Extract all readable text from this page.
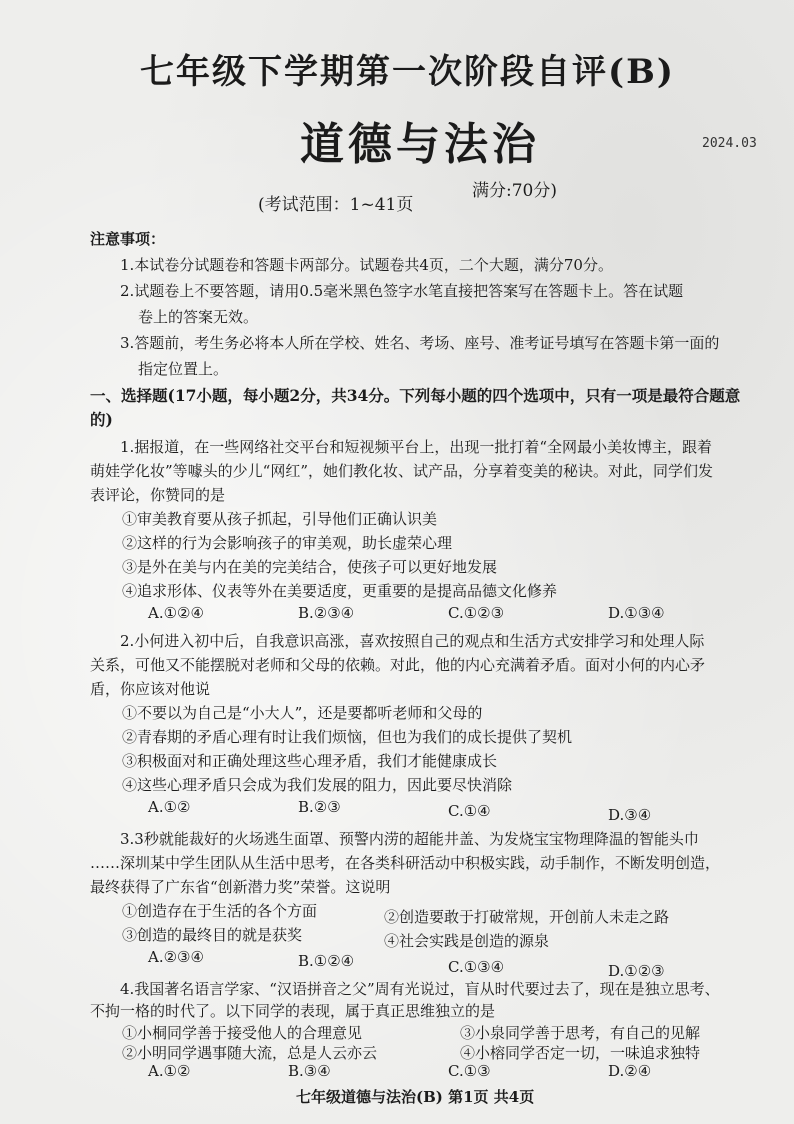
七年级下学期第一次阶段自评(B)
道德与法治	2024.03
(考试范围：1~41页
满分:70分)
注意事项：
1.本试卷分试题卷和答题卡两部分。试题卷共4页，二个大题，满分70分。
2.试题卷上不要答题，请用0.5毫米黑色签字水笔直接把答案写在答题卡上。答在试题
卷上的答案无效。
3.答题前，考生务必将本人所在学校、姓名、考场、座号、准考证号填写在答题卡第一面的
指定位置上。
一、选择题(17小题，每小题2分，共34分。下列每小题的四个选项中，只有一项是最符合题意
的)
1.据报道，在一些网络社交平台和短视频平台上，出现一批打着“全网最小美妆博主，跟着
萌娃学化妆”等噱头的少儿“网红”，她们教化妆、试产品，分享着变美的秘诀。对此，同学们发
表评论，你赞同的是
①审美教育要从孩子抓起，引导他们正确认识美
②这样的行为会影响孩子的审美观，助长虚荣心理
③是外在美与内在美的完美结合，使孩子可以更好地发展
④追求形体、仪表等外在美要适度，更重要的是提高品德文化修养
A.①②④	B.②③④	C.①②③	D.①③④
2.小何进入初中后，自我意识高涨，喜欢按照自己的观点和生活方式安排学习和处理人际
关系，可他又不能摆脱对老师和父母的依赖。对此，他的内心充满着矛盾。面对小何的内心矛
盾，你应该对他说
①不要以为自己是“小大人”，还是要都听老师和父母的
②青春期的矛盾心理有时让我们烦恼，但也为我们的成长提供了契机
③积极面对和正确处理这些心理矛盾，我们才能健康成长
④这些心理矛盾只会成为我们发展的阻力，因此要尽快消除
A.①②	B.②③	C.①④	D.③④
3.3秒就能裁好的火场逃生面罩、预警内涝的超能井盖、为发烧宝宝物理降温的智能头巾
……深圳某中学生团队从生活中思考，在各类科研活动中积极实践，动手制作，不断发明创造，
最终获得了广东省“创新潜力奖”荣誉。这说明
①创造存在于生活的各个方面	②创造要敢于打破常规，开创前人未走之路
③创造的最终目的就是获奖	④社会实践是创造的源泉
A.②③④	B.①②④	C.①③④	D.①②③
4.我国著名语言学家、“汉语拼音之父”周有光说过，盲从时代要过去了，现在是独立思考、
不拘一格的时代了。以下同学的表现，属于真正思维独立的是
①小桐同学善于接受他人的合理意见
②小明同学遇事随大流，总是人云亦云
③小泉同学善于思考，有自己的见解
④小榕同学否定一切，一味追求独特
A.①②	B.③④	C.①③	D.②④
七年级道德与法治(B) 第1页 共4页
